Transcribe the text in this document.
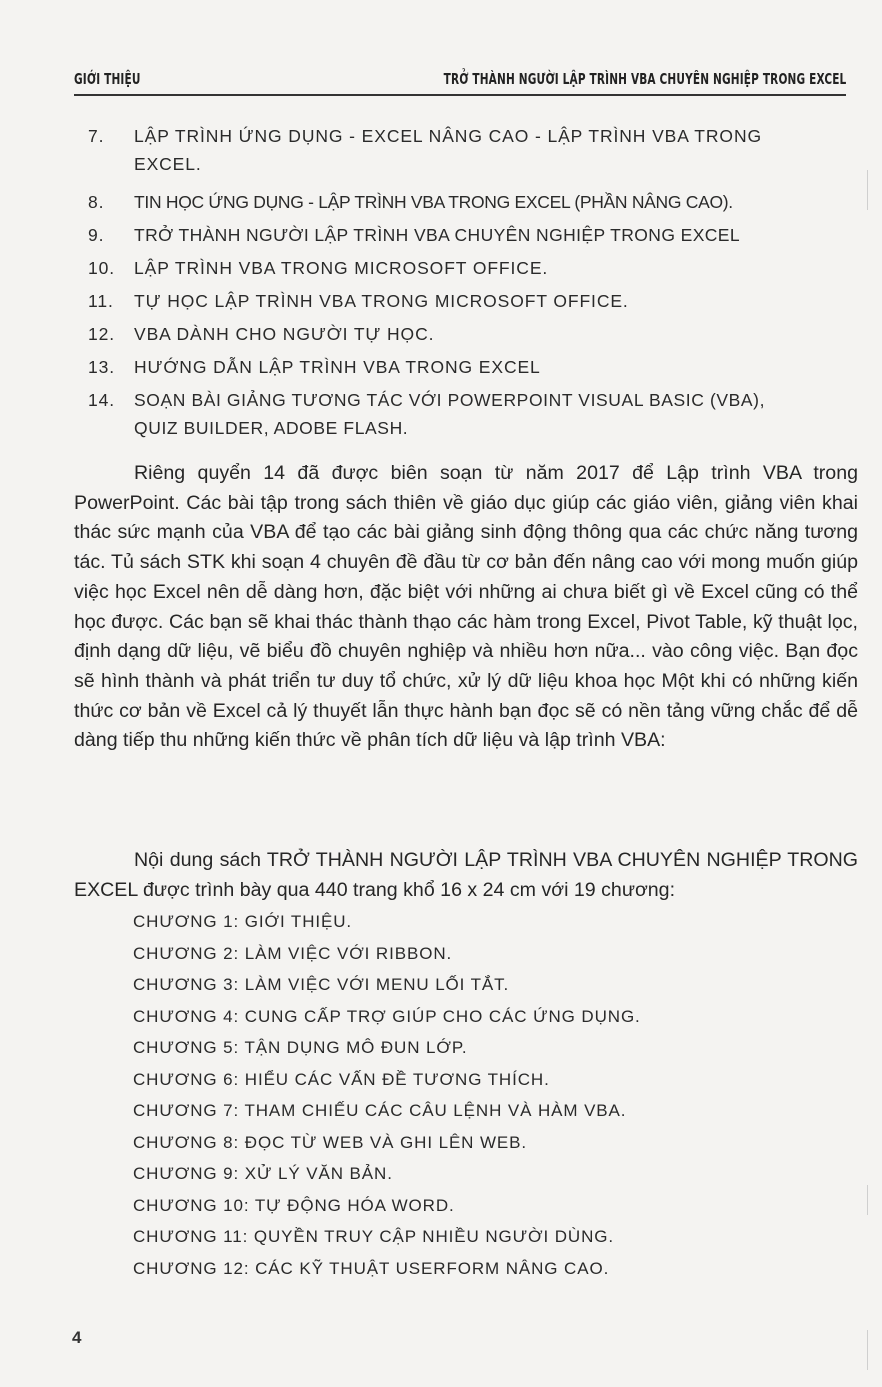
GIỚI THIỆU	TRỞ THÀNH NGƯỜI LẬP TRÌNH VBA CHUYÊN NGHIỆP TRONG EXCEL
7.	LẬP TRÌNH ỨNG DỤNG - EXCEL NÂNG CAO - LẬP TRÌNH VBA TRONG
EXCEL.
8.	TIN HỌC ỨNG DỤNG - LẬP TRÌNH VBA TRONG EXCEL (PHẦN NÂNG CAO).
9.	TRỞ THÀNH NGƯỜI LẬP TRÌNH VBA CHUYÊN NGHIỆP TRONG EXCEL
10.	LẬP TRÌNH VBA TRONG MICROSOFT OFFICE.
11.	TỰ HỌC LẬP TRÌNH VBA TRONG MICROSOFT OFFICE.
12.	VBA DÀNH CHO NGƯỜI TỰ HỌC.
13.	HƯỚNG DẪN LẬP TRÌNH VBA TRONG EXCEL
14.	SOẠN BÀI GIẢNG TƯƠNG TÁC VỚI POWERPOINT VISUAL BASIC (VBA),
QUIZ BUILDER, ADOBE FLASH.

Riêng quyển 14 đã được biên soạn từ năm 2017 để Lập trình VBA trong PowerPoint. Các bài tập trong sách thiên về giáo dục giúp các giáo viên, giảng viên khai thác sức mạnh của VBA để tạo các bài giảng sinh động thông qua các chức năng tương tác. Tủ sách STK khi soạn 4 chuyên đề đầu từ cơ bản đến nâng cao với mong muốn giúp việc học Excel nên dễ dàng hơn, đặc biệt với những ai chưa biết gì về Excel cũng có thể học được. Các bạn sẽ khai thác thành thạo các hàm trong Excel, Pivot Table, kỹ thuật lọc, định dạng dữ liệu, vẽ biểu đồ chuyên nghiệp và nhiều hơn nữa... vào công việc. Bạn đọc sẽ hình thành và phát triển tư duy tổ chức, xử lý dữ liệu khoa học Một khi có những kiến thức cơ bản về Excel cả lý thuyết lẫn thực hành bạn đọc sẽ có nền tảng vững chắc để dễ dàng tiếp thu những kiến thức về phân tích dữ liệu và lập trình VBA:

Nội dung sách TRỞ THÀNH NGƯỜI LẬP TRÌNH VBA CHUYÊN NGHIỆP TRONG EXCEL được trình bày qua 440 trang khổ 16 x 24 cm với 19 chương:

CHƯƠNG 1: GIỚI THIỆU.
CHƯƠNG 2: LÀM VIỆC VỚI RIBBON.
CHƯƠNG 3: LÀM VIỆC VỚI MENU LỐI TẮT.
CHƯƠNG 4: CUNG CẤP TRỢ GIÚP CHO CÁC ỨNG DỤNG.
CHƯƠNG 5: TẬN DỤNG MÔ ĐUN LỚP.
CHƯƠNG 6: HIỂU CÁC VẤN ĐỀ TƯƠNG THÍCH.
CHƯƠNG 7: THAM CHIẾU CÁC CÂU LỆNH VÀ HÀM VBA.
CHƯƠNG 8: ĐỌC TỪ WEB VÀ GHI LÊN WEB.
CHƯƠNG 9: XỬ LÝ VĂN BẢN.
CHƯƠNG 10: TỰ ĐỘNG HÓA WORD.
CHƯƠNG 11: QUYỀN TRUY CẬP NHIỀU NGƯỜI DÙNG.
CHƯƠNG 12: CÁC KỸ THUẬT USERFORM NÂNG CAO.
4
